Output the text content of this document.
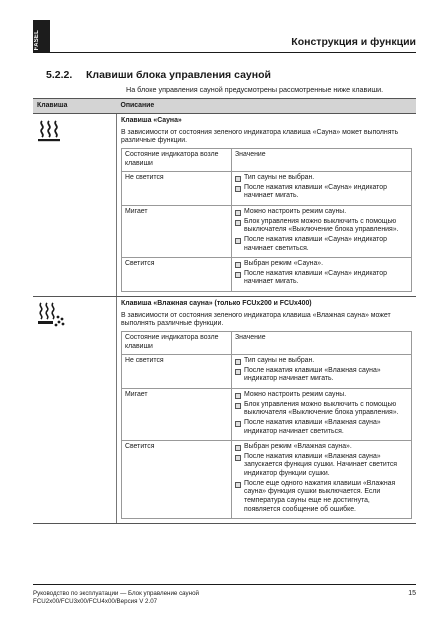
FASEL	Конструкция и функции
5.2.2. Клавиши блока управления сауной
На блоке управления сауной предусмотрены рассмотренные ниже клавиши.
Клавиша	Описание

Клавиша «Сауна»

В зависимости от состояния зеленого индикатора клавиша «Сауна» может выполнять различные функции.

Состояние индикатора возле клавиши	Значение
Не светится	Тип сауны не выбран.
После нажатия клавиши «Сауна» индикатор начинает мигать.

Мигает	Можно настроить режим сауны.
Блок управления можно выключить с помощью выключателя «Выключение блока управления».
После нажатия клавиши «Сауна» индикатор начинает светиться.

Светится	Выбран режим «Сауна».
После нажатия клавиши «Сауна» индикатор начинает мигать.

Клавиша «Влажная сауна» (только FCUx200 и FCUx400)

В зависимости от состояния зеленого индикатора клавиша «Влажная сауна» может выполнять различные функции.

Состояние индикатора возле клавиши	Значение
Не светится	Тип сауны не выбран.
После нажатия клавиши «Влажная сауна» индикатор начинает мигать.

Мигает	Можно настроить режим сауны.
Блок управления можно выключить с помощью выключателя «Выключение блока управления».
После нажатия клавиши «Влажная сауна» индикатор начинает светиться.

Светится	Выбран режим «Влажная сауна».
После нажатия клавиши «Влажная сауна» запускается функция сушки. Начинает светится индикатор функции сушки.
После еще одного нажатия клавиши «Влажная сауна» функция сушки выключается. Если температура сауны еще не достигнута, появляется сообщение об ошибке.
Руководство по эксплуатации — Блок управление сауной
FCU2x00/FCU3x00/FCU4x00/Версия V 2.07
15
